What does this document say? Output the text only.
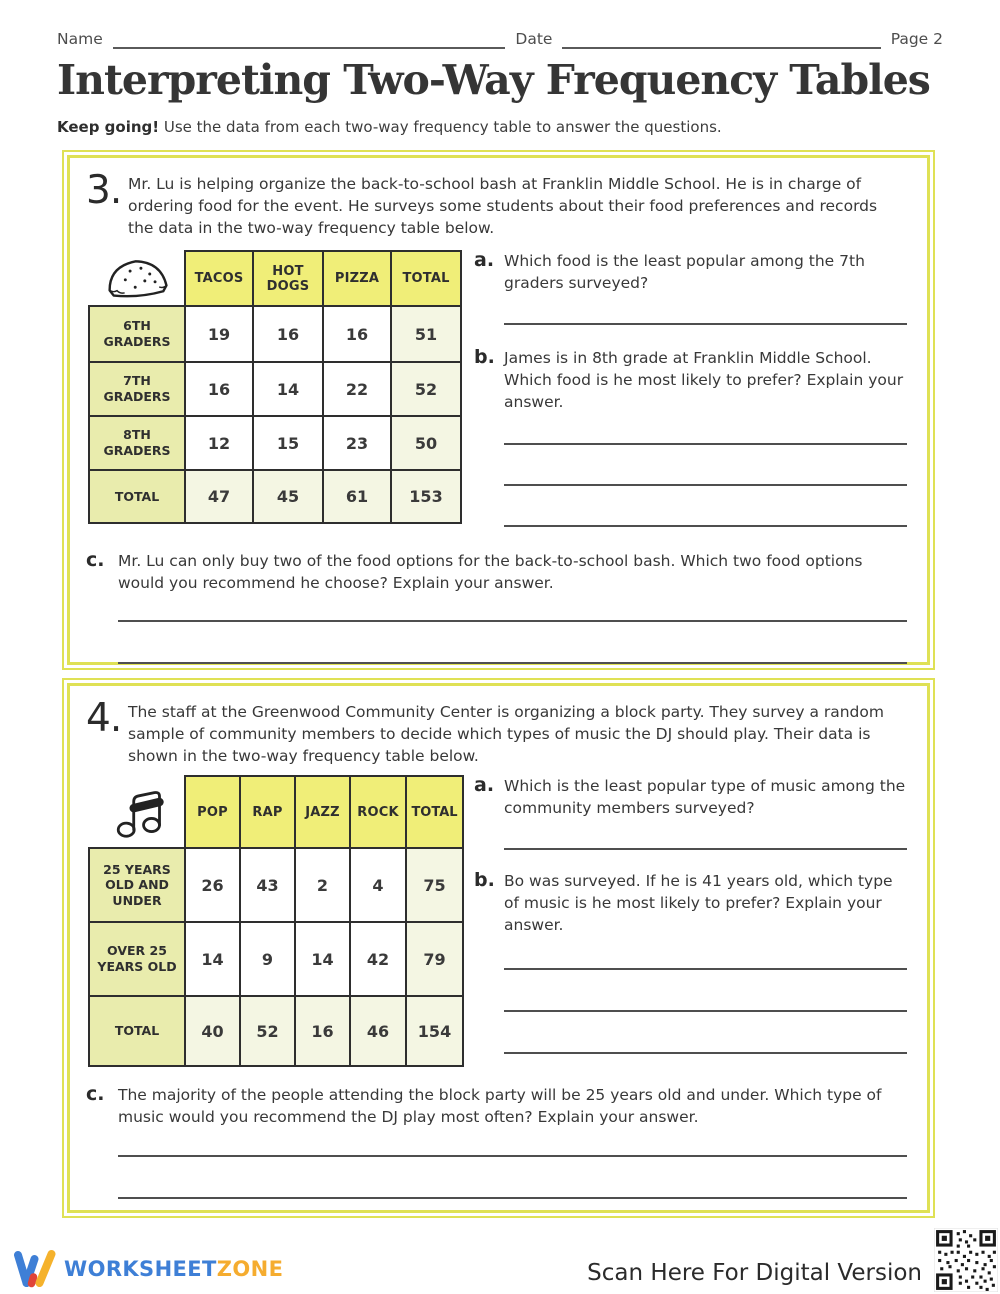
Name	Date	Page 2
Interpreting Two-Way Frequency Tables
Keep going! Use the data from each two-way frequency table to answer the questions.
3. Mr. Lu is helping organize the back-to-school bash at Franklin Middle School. He is in charge of ordering food for the event. He surveys some students about their food preferences and records the data in the two-way frequency table below.
	TACOS	HOT DOGS	PIZZA	TOTAL
6TH GRADERS	19	16	16	51
7TH GRADERS	16	14	22	52
8TH GRADERS	12	15	23	50
TOTAL	47	45	61	153
a. Which food is the least popular among the 7th graders surveyed?
b. James is in 8th grade at Franklin Middle School. Which food is he most likely to prefer? Explain your answer.
c. Mr. Lu can only buy two of the food options for the back-to-school bash. Which two food options would you recommend he choose? Explain your answer.
4. The staff at the Greenwood Community Center is organizing a block party. They survey a random sample of community members to decide which types of music the DJ should play. Their data is shown in the two-way frequency table below.
	POP	RAP	JAZZ	ROCK	TOTAL
25 YEARS OLD AND UNDER	26	43	2	4	75
OVER 25 YEARS OLD	14	9	14	42	79
TOTAL	40	52	16	46	154
a. Which is the least popular type of music among the community members surveyed?
b. Bo was surveyed. If he is 41 years old, which type of music is he most likely to prefer? Explain your answer.
c. The majority of the people attending the block party will be 25 years old and under. Which type of music would you recommend the DJ play most often? Explain your answer.
WORKSHEETZONE	Scan Here For Digital Version
